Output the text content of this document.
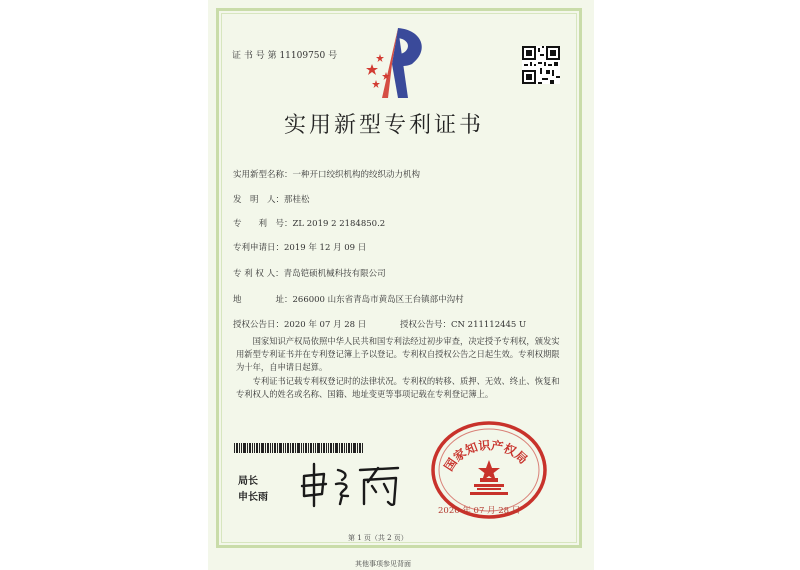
证 书 号 第 11109750 号
实用新型专利证书
实用新型名称：一种开口绞织机构的绞织动力机构
发　明　人：那桂松
专　　利　号：ZL 2019 2 2184850.2
专利申请日：2019 年 12 月 09 日
专 利 权 人：青岛铠硕机械科技有限公司
地　　　　址：266000 山东省青岛市黄岛区王台镇部中沟村
授权公告日：2020 年 07 月 28 日	授权公告号：CN 211112445 U
国家知识产权局依照中华人民共和国专利法经过初步审查，决定授予专利权，颁发实用新型专利证书并在专利登记簿上予以登记。专利权自授权公告之日起生效。专利权期限为十年，自申请日起算。
专利证书记载专利权登记时的法律状况。专利权的转移、质押、无效、终止、恢复和专利权人的姓名或名称、国籍、地址变更等事项记载在专利登记簿上。
局长
申长雨
国家知识产权局
2020 年 07 月 28 日
第 1 页（共 2 页）
其他事项参见背面
